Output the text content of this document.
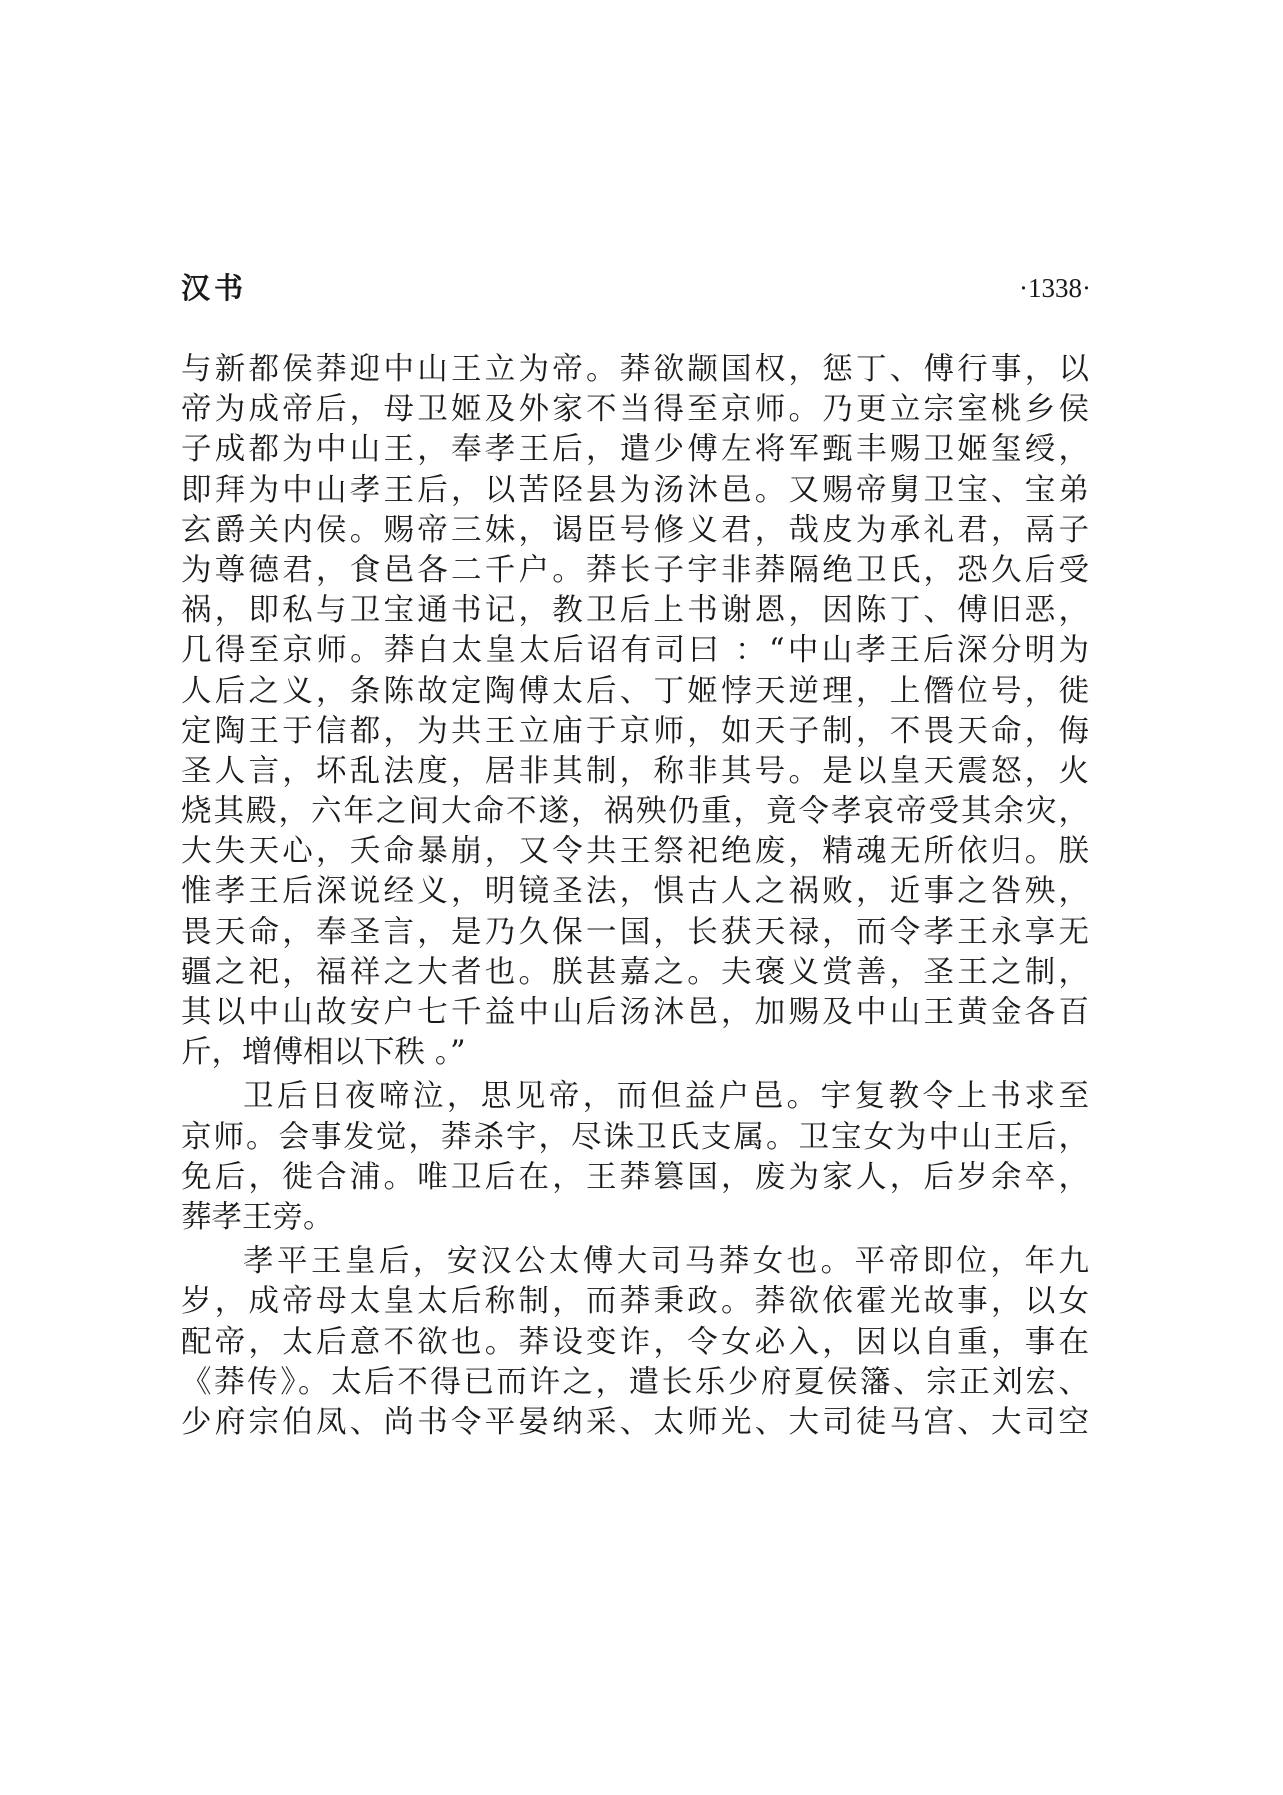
汉书	·1338·
与新都侯莽迎中山王立为帝。莽欲颛国权，惩丁、傅行事，以
帝为成帝后，母卫姬及外家不当得至京师。乃更立宗室桃乡侯
子成都为中山王，奉孝王后，遣少傅左将军甄丰赐卫姬玺绶，
即拜为中山孝王后，以苦陉县为汤沐邑。又赐帝舅卫宝、宝弟
玄爵关内侯。赐帝三妹，谒臣号修义君，哉皮为承礼君，鬲子
为尊德君，食邑各二千户。莽长子宇非莽隔绝卫氏，恐久后受
祸，即私与卫宝通书记，教卫后上书谢恩，因陈丁、傅旧恶，
几得至京师。莽白太皇太后诏有司曰 ：“中山孝王后深分明为
人后之义，条陈故定陶傅太后、丁姬悖天逆理，上僭位号，徙
定陶王于信都，为共王立庙于京师，如天子制，不畏天命，侮
圣人言，坏乱法度，居非其制，称非其号。是以皇天震怒，火
烧其殿，六年之间大命不遂，祸殃仍重，竟令孝哀帝受其余灾，
大失天心，夭命暴崩，又令共王祭祀绝废，精魂无所依归。朕
惟孝王后深说经义，明镜圣法，惧古人之祸败，近事之咎殃，
畏天命，奉圣言，是乃久保一国，长获天禄，而令孝王永享无
疆之祀，福祥之大者也。朕甚嘉之。夫褒义赏善，圣王之制，
其以中山故安户七千益中山后汤沐邑，加赐及中山王黄金各百
斤，增傅相以下秩 。”
卫后日夜啼泣，思见帝，而但益户邑。宇复教令上书求至
京师。会事发觉，莽杀宇，尽诛卫氏支属。卫宝女为中山王后，
免后，徙合浦。唯卫后在，王莽篡国，废为家人，后岁余卒，
葬孝王旁。
孝平王皇后，安汉公太傅大司马莽女也。平帝即位，年九
岁，成帝母太皇太后称制，而莽秉政。莽欲依霍光故事，以女
配帝，太后意不欲也。莽设变诈，令女必入，因以自重，事在
《莽传》。太后不得已而许之，遣长乐少府夏侯籓、宗正刘宏、
少府宗伯凤、尚书令平晏纳采、太师光、大司徒马宫、大司空
